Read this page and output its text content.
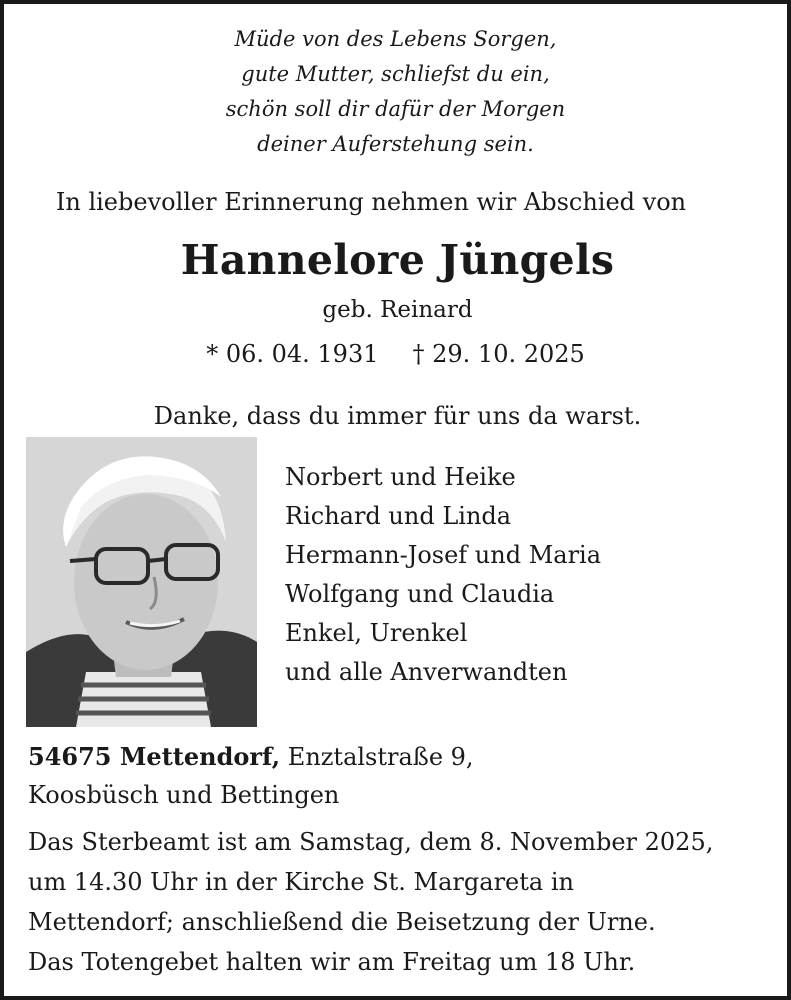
Müde von des Lebens Sorgen,
gute Mutter, schliefst du ein,
schön soll dir dafür der Morgen
deiner Auferstehung sein.
In liebevoller Erinnerung nehmen wir Abschied von
Hannelore Jüngels
geb. Reinard
* 06. 04. 1931 † 29. 10. 2025
Danke, dass du immer für uns da warst.
Norbert und Heike
Richard und Linda
Hermann-Josef und Maria
Wolfgang und Claudia
Enkel, Urenkel
und alle Anverwandten
54675 Mettendorf, Enztalstraße 9,
Koosbüsch und Bettingen
Das Sterbeamt ist am Samstag, dem 8. November 2025,
um 14.30 Uhr in der Kirche St. Margareta in
Mettendorf; anschließend die Beisetzung der Urne.
Das Totengebet halten wir am Freitag um 18 Uhr.
